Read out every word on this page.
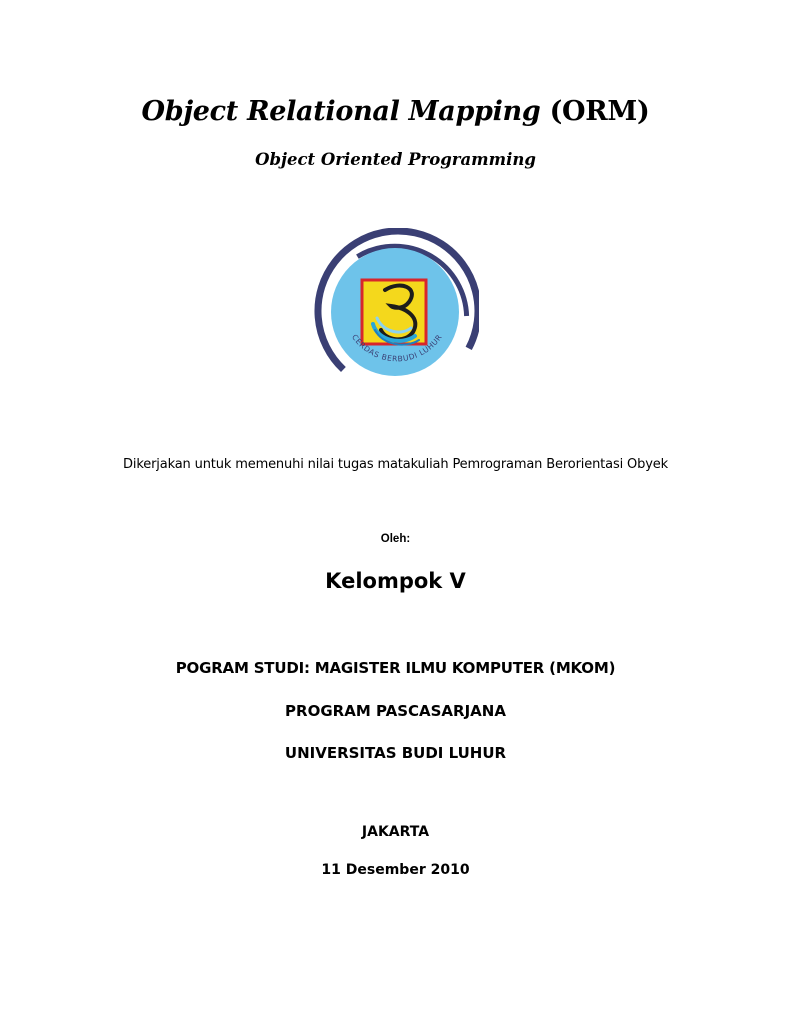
Object Relational Mapping (ORM)
Object Oriented Programming
CERDAS BERBUDI LUHUR
Dikerjakan untuk memenuhi nilai tugas matakuliah Pemrograman Berorientasi Obyek
Oleh:
Kelompok V
POGRAM STUDI: MAGISTER ILMU KOMPUTER (MKOM)
PROGRAM PASCASARJANA
UNIVERSITAS BUDI LUHUR
JAKARTA
11 Desember 2010
